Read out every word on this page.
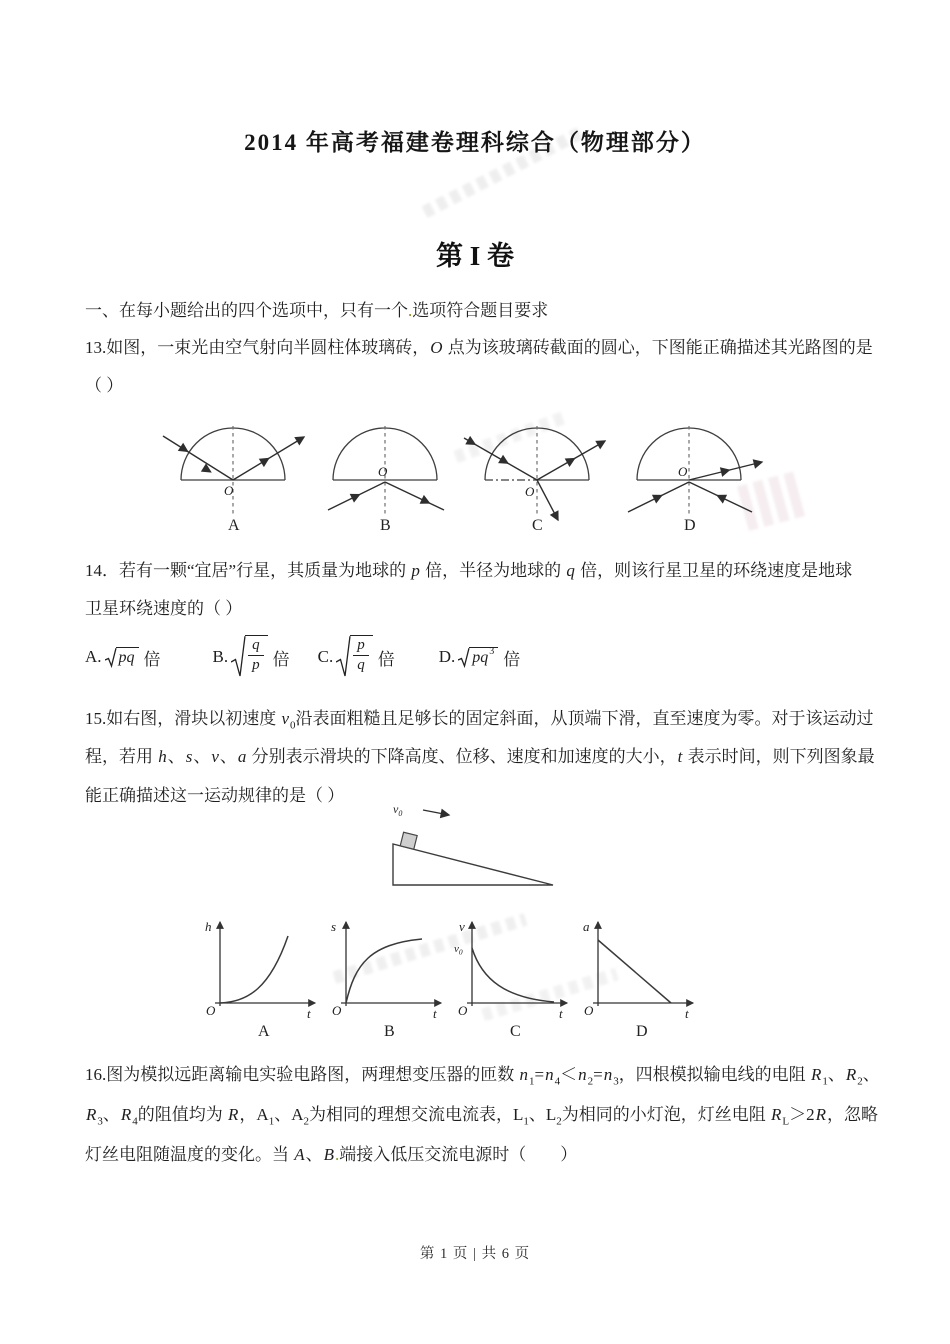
2014 年高考福建卷理科综合（物理部分）
第 I 卷
一、在每小题给出的四个选项中，只有一个.选项符合题目要求
13.如图，一束光由空气射向半圆柱体玻璃砖，O 点为该玻璃砖截面的圆心，下图能正确描述其光路图的是
（ ）
O
A
O
B
O
C
O
D
14．若有一颗“宜居”行星，其质量为地球的 p 倍，半径为地球的 q 倍，则该行星卫星的环绕速度是地球
卫星环绕速度的（ ）
A. pq 倍	B. $\frac{q}{p}$ 倍 C. $\frac{p}{q}$ 倍	D. $pq^3$ 倍
15.如右图，滑块以初速度 $v_0$沿表面粗糙且足够长的固定斜面，从顶端下滑，直至速度为零。对于该运动过
程，若用 h、s、v、a 分别表示滑块的下降高度、位移、速度和加速度的大小，t 表示时间，则下列图象最
能正确描述这一运动规律的是（ ）
$v_0$
h
t
O
A
s
t
O
B
v
$v_0$
t
O
C
a
t
O
D
16.图为模拟远距离输电实验电路图，两理想变压器的匝数 $n_1=n_4<n_2=n_3$，四根模拟输电线的电阻 $R_1$、$R_2$、
$R_3$、$R_4$的阻值均为 R，$A_1$、$A_2$为相同的理想交流电流表，$L_1$、$L_2$为相同的小灯泡，灯丝电阻 $R_L>2R$，忽略
灯丝电阻随温度的变化。当 A、B.端接入低压交流电源时（　　）
第 1 页 | 共 6 页
